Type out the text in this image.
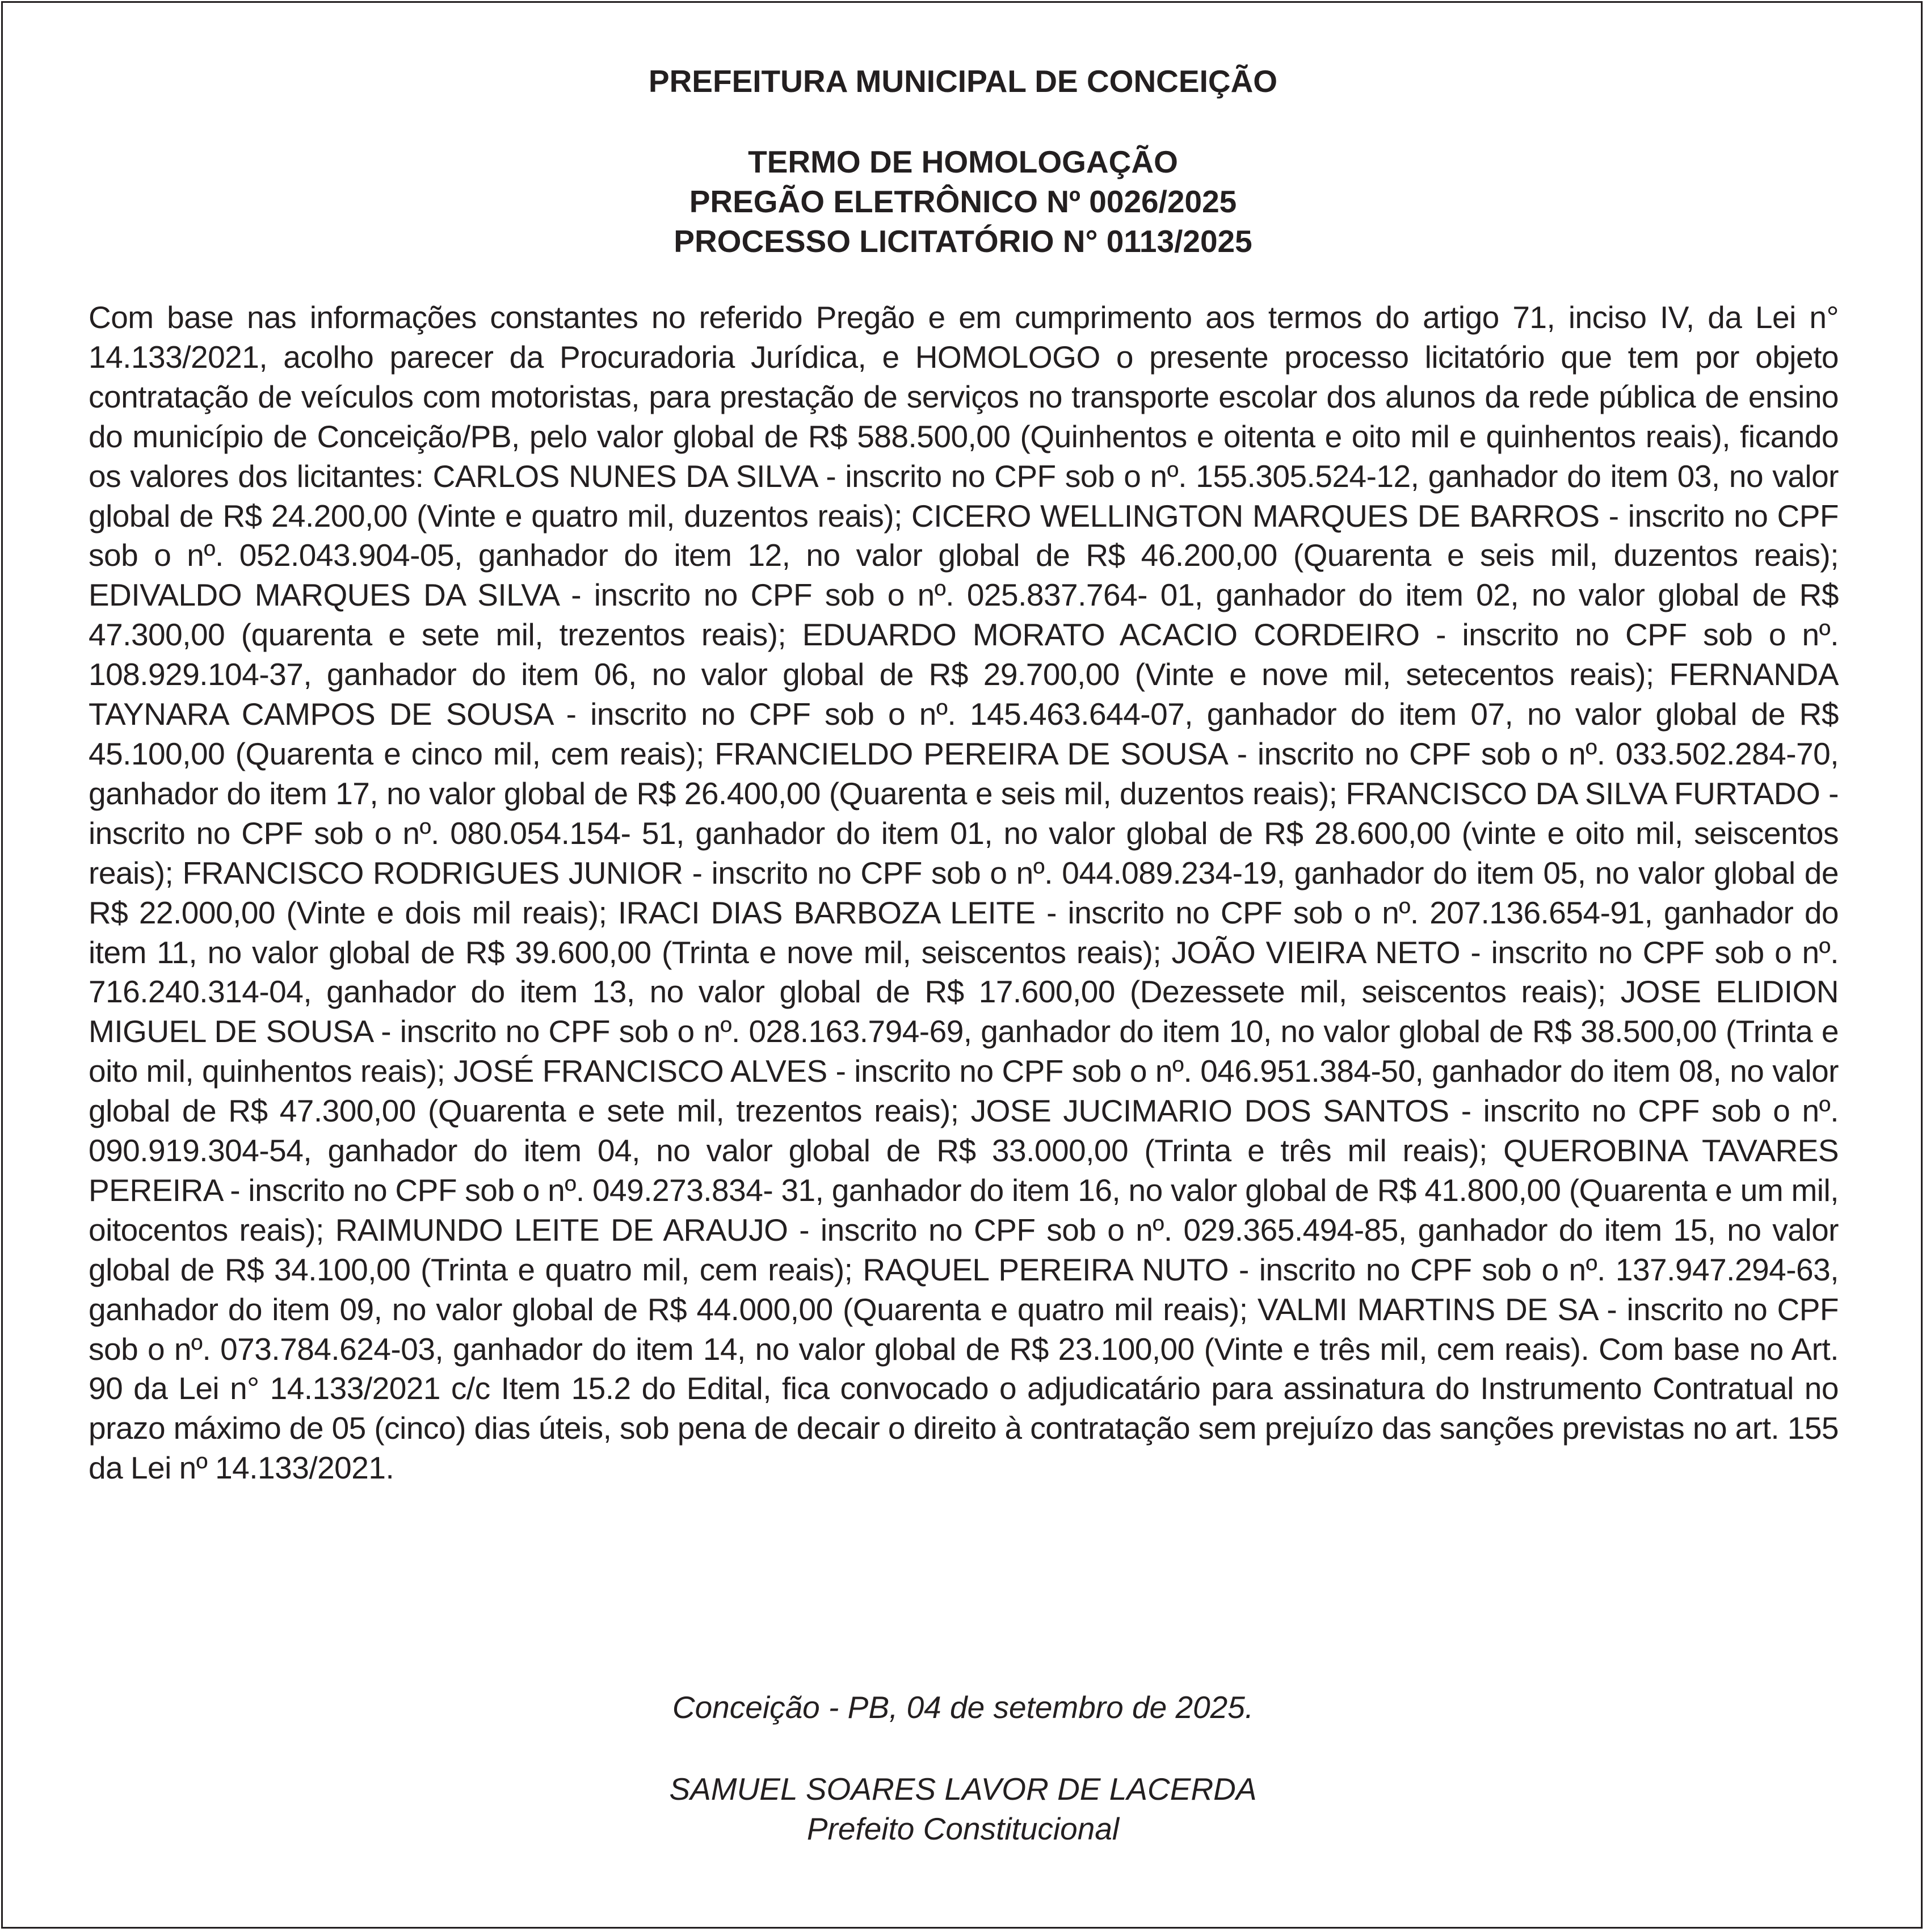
PREFEITURA MUNICIPAL DE CONCEIÇÃO
TERMO DE HOMOLOGAÇÃO
PREGÃO ELETRÔNICO Nº 0026/2025
PROCESSO LICITATÓRIO N° 0113/2025
Com base nas informações constantes no referido Pregão e em cumprimento aos termos do artigo 71, inciso IV, da Lei n° 14.133/2021, acolho parecer da Procuradoria Jurídica, e HOMOLOGO o presente processo licitatório que tem por objeto contratação de veículos com motoristas, para prestação de serviços no transporte escolar dos alunos da rede pública de ensino do município de Conceição/PB, pelo valor global de R$ 588.500,00 (Quinhentos e oitenta e oito mil e quinhentos reais), ficando os valores dos licitantes: CARLOS NUNES DA SILVA - inscrito no CPF sob o nº. 155.305.524-12, ganhador do item 03, no valor global de R$ 24.200,00 (Vinte e quatro mil, duzentos reais); CICERO WELLINGTON MARQUES DE BARROS - inscrito no CPF sob o nº. 052.043.904-05, ganhador do item 12, no valor global de R$ 46.200,00 (Quarenta e seis mil, duzentos reais); EDIVALDO MARQUES DA SILVA - inscrito no CPF sob o nº. 025.837.764- 01, ganhador do item 02, no valor global de R$ 47.300,00 (quarenta e sete mil, trezentos reais); EDUARDO MORATO ACACIO CORDEIRO - inscrito no CPF sob o nº. 108.929.104-37, ganhador do item 06, no valor global de R$ 29.700,00 (Vinte e nove mil, setecentos reais); FERNANDA TAYNARA CAMPOS DE SOUSA - inscrito no CPF sob o nº. 145.463.644-07, ganhador do item 07, no valor global de R$ 45.100,00 (Quarenta e cinco mil, cem reais); FRANCIELDO PEREIRA DE SOUSA - inscrito no CPF sob o nº. 033.502.284-70, ganhador do item 17, no valor global de R$ 26.400,00 (Quarenta e seis mil, duzentos reais); FRANCISCO DA SILVA FURTADO - inscrito no CPF sob o nº. 080.054.154- 51, ganhador do item 01, no valor global de R$ 28.600,00 (vinte e oito mil, seiscentos reais); FRANCISCO RODRIGUES JUNIOR - inscrito no CPF sob o nº. 044.089.234-19, ganhador do item 05, no valor global de R$ 22.000,00 (Vinte e dois mil reais); IRACI DIAS BARBOZA LEITE - inscrito no CPF sob o nº. 207.136.654-91, ganhador do item 11, no valor global de R$ 39.600,00 (Trinta e nove mil, seiscentos reais); JOÃO VIEIRA NETO - inscrito no CPF sob o nº. 716.240.314-04, ganhador do item 13, no valor global de R$ 17.600,00 (Dezessete mil, seiscentos reais); JOSE ELIDION MIGUEL DE SOUSA - inscrito no CPF sob o nº. 028.163.794-69, ganhador do item 10, no valor global de R$ 38.500,00 (Trinta e oito mil, quinhentos reais); JOSÉ FRANCISCO ALVES - inscrito no CPF sob o nº. 046.951.384-50, ganhador do item 08, no valor global de R$ 47.300,00 (Quarenta e sete mil, trezentos reais); JOSE JUCIMARIO DOS SANTOS - inscrito no CPF sob o nº. 090.919.304-54, ganhador do item 04, no valor global de R$ 33.000,00 (Trinta e três mil reais); QUEROBINA TAVARES PEREIRA - inscrito no CPF sob o nº. 049.273.834- 31, ganhador do item 16, no valor global de R$ 41.800,00 (Quarenta e um mil, oitocentos reais); RAIMUNDO LEITE DE ARAUJO - inscrito no CPF sob o nº. 029.365.494-85, ganhador do item 15, no valor global de R$ 34.100,00 (Trinta e quatro mil, cem reais); RAQUEL PEREIRA NUTO - inscrito no CPF sob o nº. 137.947.294-63, ganhador do item 09, no valor global de R$ 44.000,00 (Quarenta e quatro mil reais); VALMI MARTINS DE SA - inscrito no CPF sob o nº. 073.784.624-03, ganhador do item 14, no valor global de R$ 23.100,00 (Vinte e três mil, cem reais). Com base no Art. 90 da Lei n° 14.133/2021 c/c Item 15.2 do Edital, fica convocado o adjudicatário para assinatura do Instrumento Contratual no prazo máximo de 05 (cinco) dias úteis, sob pena de decair o direito à contratação sem prejuízo das sanções previstas no art. 155 da Lei nº 14.133/2021.
Conceição - PB, 04 de setembro de 2025.
SAMUEL SOARES LAVOR DE LACERDA
Prefeito Constitucional
